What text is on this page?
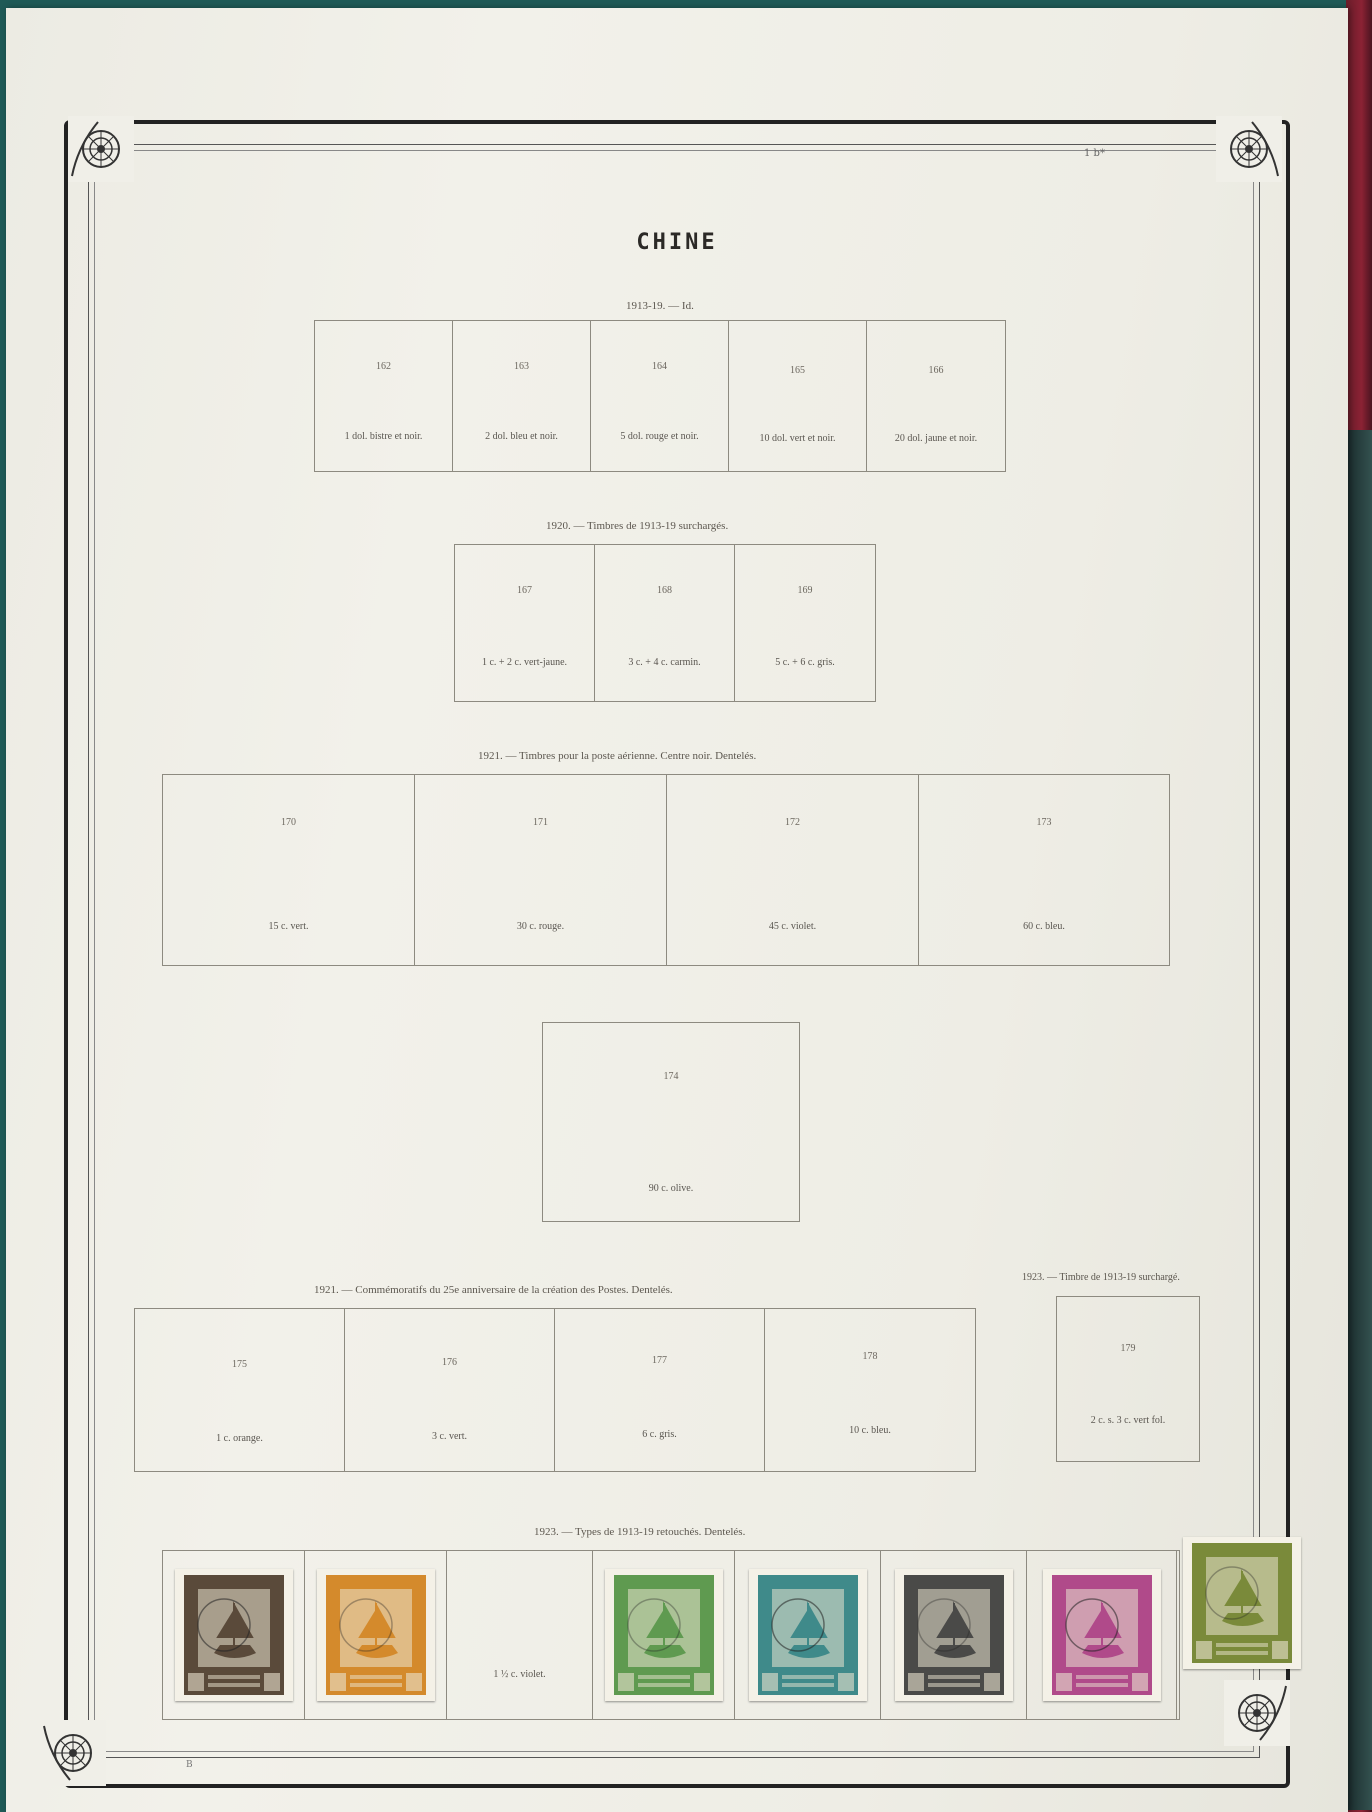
1 b*
B
CHINE
1913-19. — Id.
162
1 dol. bistre et noir.
163
2 dol. bleu et noir.
164
5 dol. rouge et noir.
165
10 dol. vert et noir.
166
20 dol. jaune et noir.
1920. — Timbres de 1913-19 surchargés.
167
1 c. + 2 c. vert-jaune.
168
3 c. + 4 c. carmin.
169
5 c. + 6 c. gris.
1921. — Timbres pour la poste aérienne. Centre noir. Dentelés.
170
15 c. vert.
171
30 c. rouge.
172
45 c. violet.
173
60 c. bleu.
174
90 c. olive.
1921. — Commémoratifs du 25e anniversaire de la création des Postes. Dentelés.
175
1 c. orange.
176
3 c. vert.
177
6 c. gris.
178
10 c. bleu.
1923. — Timbre de 1913-19 surchargé.
179
2 c. s. 3 c. vert fol.
1923. — Types de 1913-19 retouchés. Dentelés.
1 ½ c. violet.
